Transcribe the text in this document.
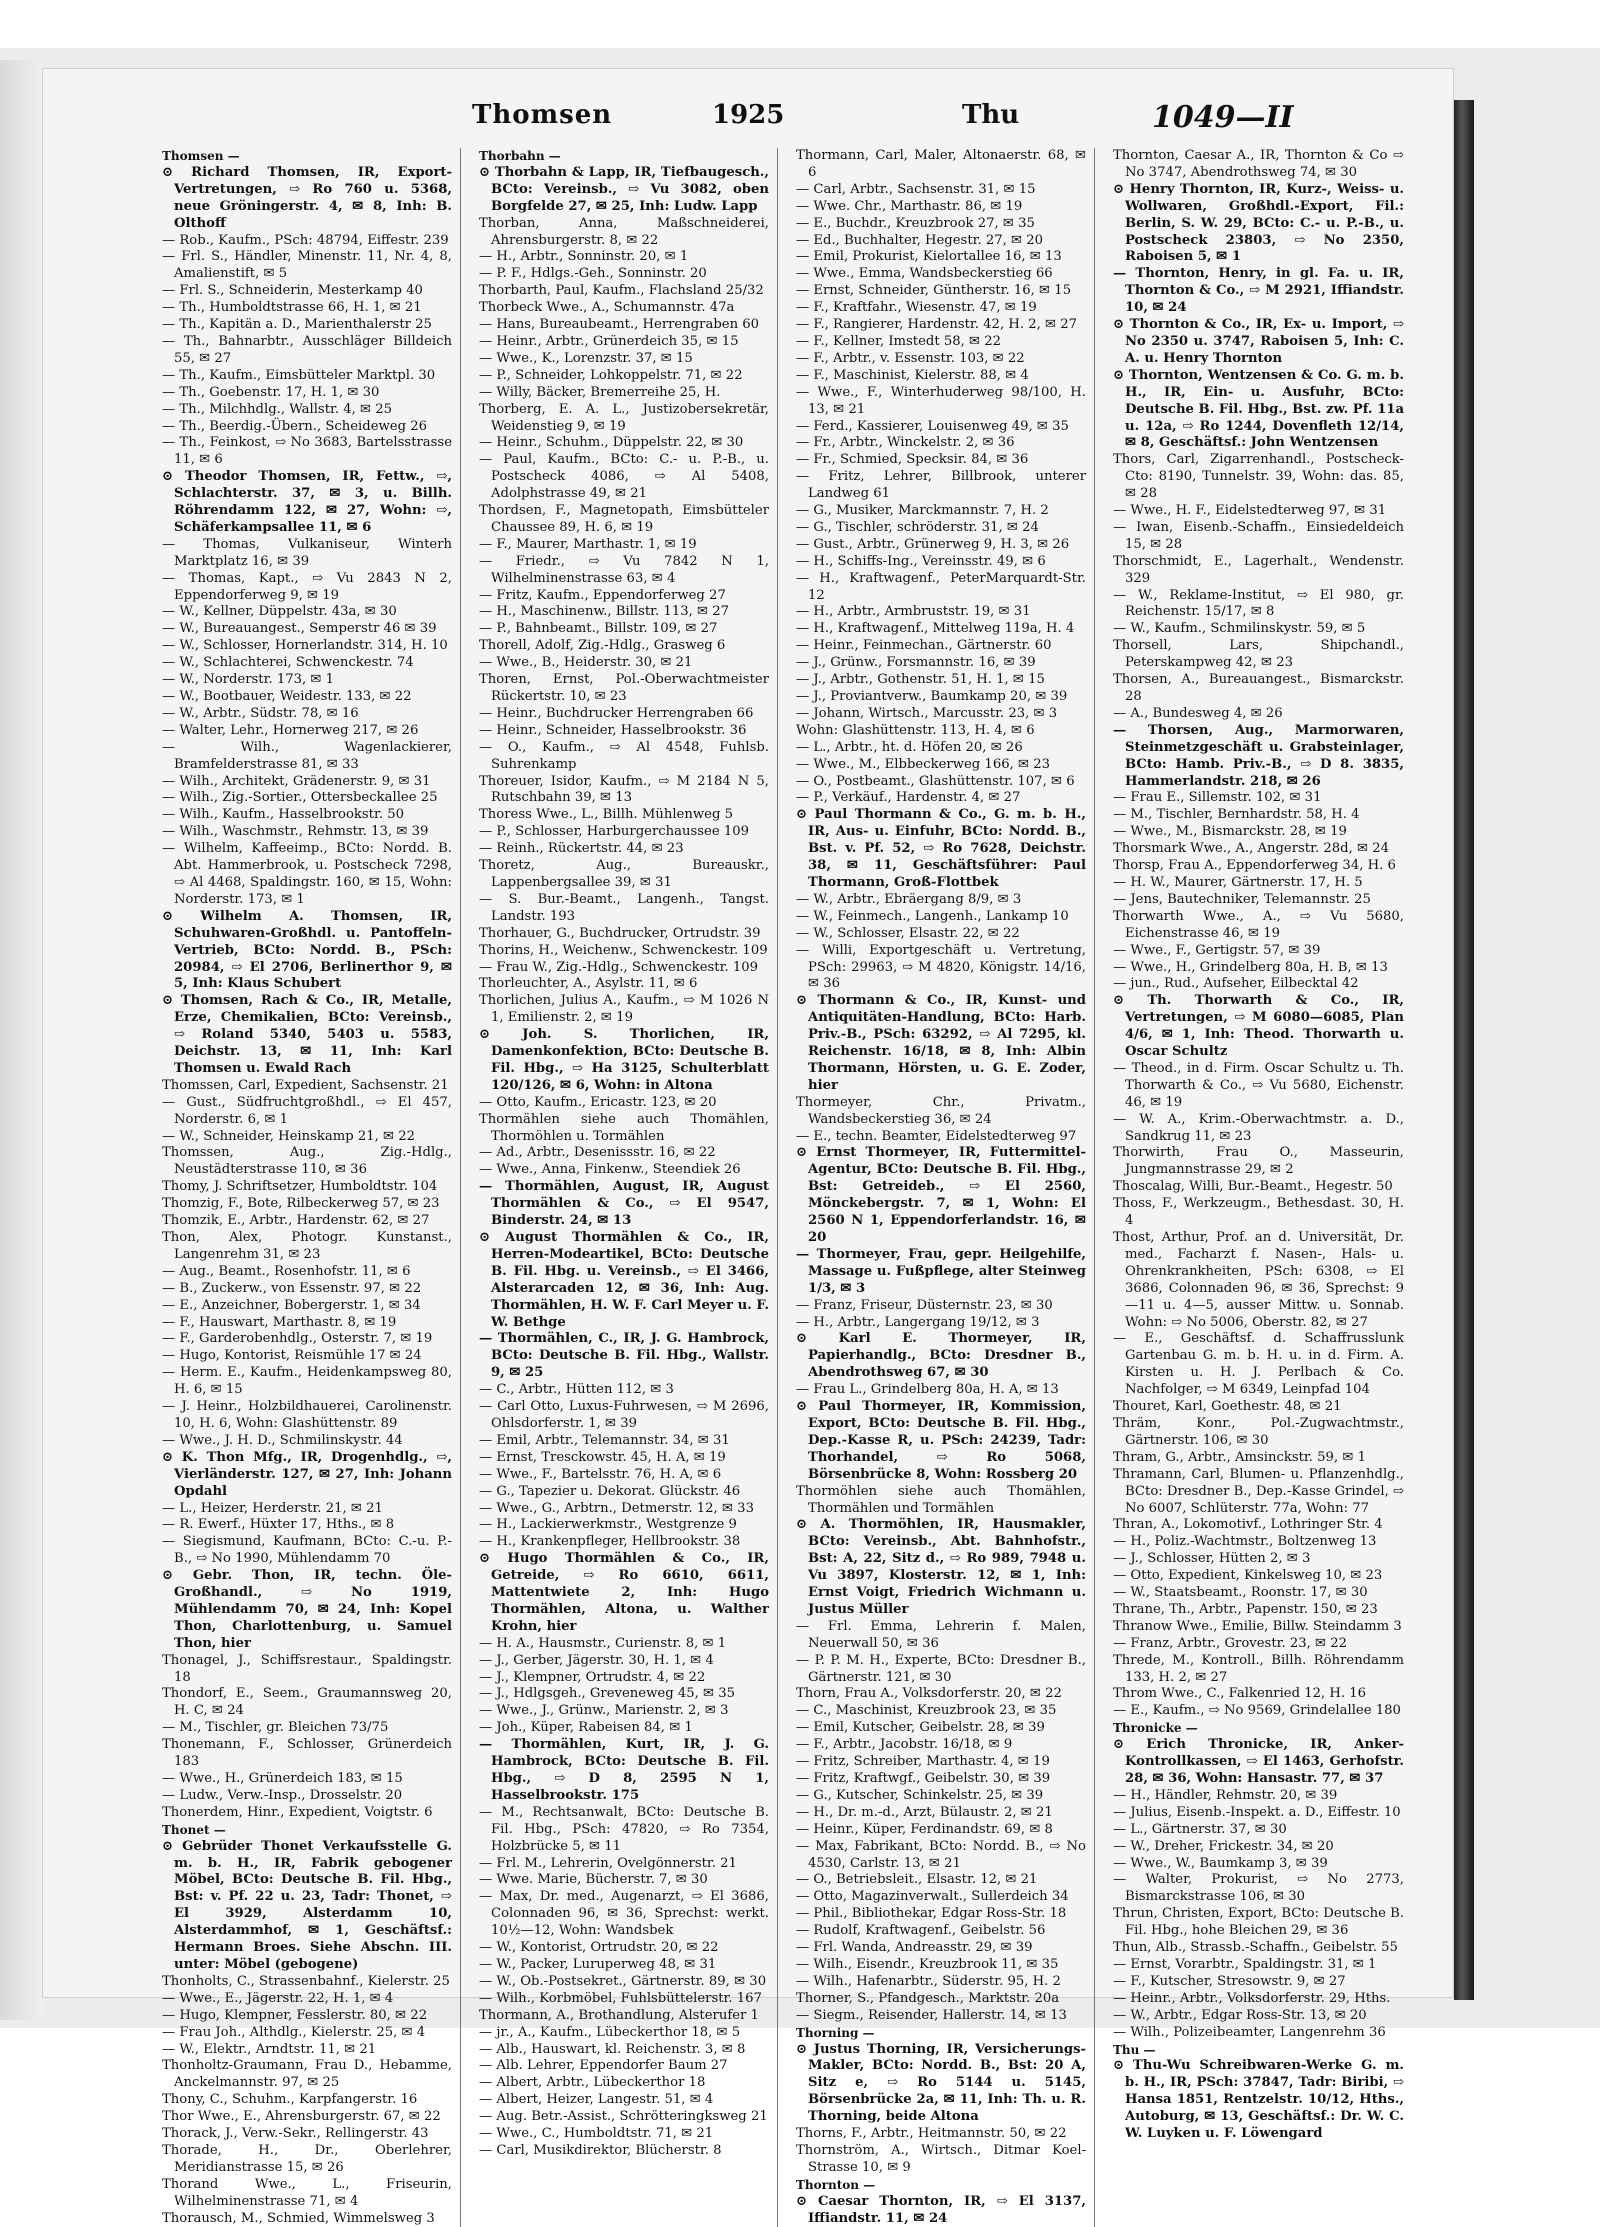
Thomsen	1925	Thu	1049—II

Thomsen —

⊙ Richard Thomsen, IR, Export-Vertretungen, ⇨ Ro 760 u. 5368, neue Gröningerstr. 4, ✉ 8, Inh: B. Olthoff

— Rob., Kaufm., PSch: 48794, Eiffestr. 239

— Frl. S., Händler, Minenstr. 11, Nr. 4, 8, Amalienstift, ✉ 5

— Frl. S., Schneiderin, Mesterkamp 40

— Th., Humboldtstrasse 66, H. 1, ✉ 21

— Th., Kapitän a. D., Marienthalerstr 25

— Th., Bahnarbtr., Ausschläger Billdeich 55, ✉ 27

— Th., Kaufm., Eimsbütteler Marktpl. 30

— Th., Goebenstr. 17, H. 1, ✉ 30

— Th., Milchhdlg., Wallstr. 4, ✉ 25

— Th., Beerdig.-Übern., Scheideweg 26

— Th., Feinkost, ⇨ No 3683, Bartelsstrasse 11, ✉ 6

⊙ Theodor Thomsen, IR, Fettw., ⇨, Schlachterstr. 37, ✉ 3, u. Billh. Röhrendamm 122, ✉ 27, Wohn: ⇨, Schäferkampsallee 11, ✉ 6

— Thomas, Vulkaniseur, Winterh Marktplatz 16, ✉ 39

— Thomas, Kapt., ⇨ Vu 2843 N 2, Eppendorferweg 9, ✉ 19

— W., Kellner, Düppelstr. 43a, ✉ 30

— W., Bureauangest., Semperstr 46 ✉ 39

— W., Schlosser, Hornerlandstr. 314, H. 10

— W., Schlachterei, Schwenckestr. 74

— W., Norderstr. 173, ✉ 1

— W., Bootbauer, Weidestr. 133, ✉ 22

— W., Arbtr., Südstr. 78, ✉ 16

— Walter, Lehr., Hornerweg 217, ✉ 26

— Wilh., Wagenlackierer, Bramfelderstrasse 81, ✉ 33

— Wilh., Architekt, Grädenerstr. 9, ✉ 31

— Wilh., Zig.-Sortier., Ottersbeckallee 25

— Wilh., Kaufm., Hasselbrookstr. 50

— Wilh., Waschmstr., Rehmstr. 13, ✉ 39

— Wilhelm, Kaffeeimp., BCto: Nordd. B. Abt. Hammerbrook, u. Postscheck 7298, ⇨ Al 4468, Spaldingstr. 160, ✉ 15, Wohn: Norderstr. 173, ✉ 1

⊙ Wilhelm A. Thomsen, IR, Schuhwaren-Großhdl. u. Pantoffeln-Vertrieb, BCto: Nordd. B., PSch: 20984, ⇨ El 2706, Berlinerthor 9, ✉ 5, Inh: Klaus Schubert

⊙ Thomsen, Rach & Co., IR, Metalle, Erze, Chemikalien, BCto: Vereinsb., ⇨ Roland 5340, 5403 u. 5583, Deichstr. 13, ✉ 11, Inh: Karl Thomsen u. Ewald Rach

Thomssen, Carl, Expedient, Sachsenstr. 21

— Gust., Südfruchtgroßhdl., ⇨ El 457, Norderstr. 6, ✉ 1

— W., Schneider, Heinskamp 21, ✉ 22

Thomssen, Aug., Zig.-Hdlg., Neustädterstrasse 110, ✉ 36

Thomy, J. Schriftsetzer, Humboldtstr. 104

Thomzig, F., Bote, Rilbeckerweg 57, ✉ 23

Thomzik, E., Arbtr., Hardenstr. 62, ✉ 27

Thon, Alex, Photogr. Kunstanst., Langenrehm 31, ✉ 23

— Aug., Beamt., Rosenhofstr. 11, ✉ 6

— B., Zuckerw., von Essenstr. 97, ✉ 22

— E., Anzeichner, Bobergerstr. 1, ✉ 34

— F., Hauswart, Marthastr. 8, ✉ 19

— F., Garderobenhdlg., Osterstr. 7, ✉ 19

— Hugo, Kontorist, Reismühle 17 ✉ 24

— Herm. E., Kaufm., Heidenkampsweg 80, H. 6, ✉ 15

— J. Heinr., Holzbildhauerei, Carolinenstr. 10, H. 6, Wohn: Glashüttenstr. 89

— Wwe., J. H. D., Schmilinskystr. 44

⊙ K. Thon Mfg., IR, Drogenhdlg., ⇨, Vierländerstr. 127, ✉ 27, Inh: Johann Opdahl

— L., Heizer, Herderstr. 21, ✉ 21

— R. Ewerf., Hüxter 17, Hths., ✉ 8

— Siegismund, Kaufmann, BCto: C.-u. P.-B., ⇨ No 1990, Mühlendamm 70

⊙ Gebr. Thon, IR, techn. Öle-Großhandl., ⇨ No 1919, Mühlendamm 70, ✉ 24, Inh: Kopel Thon, Charlottenburg, u. Samuel Thon, hier

Thonagel, J., Schiffsrestaur., Spaldingstr. 18

Thondorf, E., Seem., Graumannsweg 20, H. C, ✉ 24

— M., Tischler, gr. Bleichen 73/75

Thonemann, F., Schlosser, Grünerdeich 183

— Wwe., H., Grünerdeich 183, ✉ 15

— Ludw., Verw.-Insp., Drosselstr. 20

Thonerdem, Hinr., Expedient, Voigtstr. 6

Thonet —

⊙ Gebrüder Thonet Verkaufsstelle G. m. b. H., IR, Fabrik gebogener Möbel, BCto: Deutsche B. Fil. Hbg., Bst: v. Pf. 22 u. 23, Tadr: Thonet, ⇨ El 3929, Alsterdamm 10, Alsterdammhof, ✉ 1, Geschäftsf.: Hermann Broes. Siehe Abschn. III. unter: Möbel (gebogene)

Thonholts, C., Strassenbahnf., Kielerstr. 25

— Wwe., E., Jägerstr. 22, H. 1, ✉ 4

— Hugo, Klempner, Fesslerstr. 80, ✉ 22

— Frau Joh., Althdlg., Kielerstr. 25, ✉ 4

— W., Elektr., Arndtstr. 11, ✉ 21

Thonholtz-Graumann, Frau D., Hebamme, Anckelmannstr. 97, ✉ 25

Thony, C., Schuhm., Karpfangerstr. 16

Thor Wwe., E., Ahrensburgerstr. 67, ✉ 22

Thorack, J., Verw.-Sekr., Rellingerstr. 43

Thorade, H., Dr., Oberlehrer, Meridianstrasse 15, ✉ 26

Thorand Wwe., L., Friseurin, Wilhelminenstrasse 71, ✉ 4

Thorausch, M., Schmied, Wimmelsweg 3

Thorbahn —

⊙ Thorbahn & Lapp, IR, Tiefbaugesch., BCto: Vereinsb., ⇨ Vu 3082, oben Borgfelde 27, ✉ 25, Inh: Ludw. Lapp

Thorban, Anna, Maßschneiderei, Ahrensburgerstr. 8, ✉ 22

— H., Arbtr., Sonninstr. 20, ✉ 1

— P. F., Hdlgs.-Geh., Sonninstr. 20

Thorbarth, Paul, Kaufm., Flachsland 25/32

Thorbeck Wwe., A., Schumannstr. 47a

— Hans, Bureaubeamt., Herrengraben 60

— Heinr., Arbtr., Grünerdeich 35, ✉ 15

— Wwe., K., Lorenzstr. 37, ✉ 15

— P., Schneider, Lohkoppelstr. 71, ✉ 22

— Willy, Bäcker, Bremerreihe 25, H.

Thorberg, E. A. L., Justizobersekretär, Weidenstieg 9, ✉ 19

— Heinr., Schuhm., Düppelstr. 22, ✉ 30

— Paul, Kaufm., BCto: C.- u. P.-B., u. Postscheck 4086, ⇨ Al 5408, Adolphstrasse 49, ✉ 21

Thordsen, F., Magnetopath, Eimsbütteler Chaussee 89, H. 6, ✉ 19

— F., Maurer, Marthastr. 1, ✉ 19

— Friedr., ⇨ Vu 7842 N 1, Wilhelminenstrasse 63, ✉ 4

— Fritz, Kaufm., Eppendorferweg 27

— H., Maschinenw., Billstr. 113, ✉ 27

— P., Bahnbeamt., Billstr. 109, ✉ 27

Thorell, Adolf, Zig.-Hdlg., Grasweg 6

— Wwe., B., Heiderstr. 30, ✉ 21

Thoren, Ernst, Pol.-Oberwachtmeister Rückertstr. 10, ✉ 23

— Heinr., Buchdrucker Herrengraben 66

— Heinr., Schneider, Hasselbrookstr. 36

— O., Kaufm., ⇨ Al 4548, Fuhlsb. Suhrenkamp

Thoreuer, Isidor, Kaufm., ⇨ M 2184 N 5, Rutschbahn 39, ✉ 13

Thoress Wwe., L., Billh. Mühlenweg 5

— P., Schlosser, Harburgerchaussee 109

— Reinh., Rückertstr. 44, ✉ 23

Thoretz, Aug., Bureauskr., Lappenbergsallee 39, ✉ 31

— S. Bur.-Beamt., Langenh., Tangst. Landstr. 193

Thorhauer, G., Buchdrucker, Ortrudstr. 39

Thorins, H., Weichenw., Schwenckestr. 109

— Frau W., Zig.-Hdlg., Schwenckestr. 109

Thorleuchter, A., Asylstr. 11, ✉ 6

Thorlichen, Julius A., Kaufm., ⇨ M 1026 N 1, Emilienstr. 2, ✉ 19

⊙ Joh. S. Thorlichen, IR, Damenkonfektion, BCto: Deutsche B. Fil. Hbg., ⇨ Ha 3125, Schulterblatt 120/126, ✉ 6, Wohn: in Altona

— Otto, Kaufm., Ericastr. 123, ✉ 20

Thormählen siehe auch Thomählen, Thormöhlen u. Tormählen

— Ad., Arbtr., Desenissstr. 16, ✉ 22

— Wwe., Anna, Finkenw., Steendiek 26

— Thormählen, August, IR, August Thormählen & Co., ⇨ El 9547, Binderstr. 24, ✉ 13

⊙ August Thormählen & Co., IR, Herren-Modeartikel, BCto: Deutsche B. Fil. Hbg. u. Vereinsb., ⇨ El 3466, Alsterarcaden 12, ✉ 36, Inh: Aug. Thormählen, H. W. F. Carl Meyer u. F. W. Bethge

— Thormählen, C., IR, J. G. Hambrock, BCto: Deutsche B. Fil. Hbg., Wallstr. 9, ✉ 25

— C., Arbtr., Hütten 112, ✉ 3

— Carl Otto, Luxus-Fuhrwesen, ⇨ M 2696, Ohlsdorferstr. 1, ✉ 39

— Emil, Arbtr., Telemannstr. 34, ✉ 31

— Ernst, Tresckowstr. 45, H. A, ✉ 19

— Wwe., F., Bartelsstr. 76, H. A, ✉ 6

— G., Tapezier u. Dekorat. Glückstr. 46

— Wwe., G., Arbtrn., Detmerstr. 12, ✉ 33

— H., Lackierwerkmstr., Westgrenze 9

— H., Krankenpfleger, Hellbrookstr. 38

⊙ Hugo Thormählen & Co., IR, Getreide, ⇨ Ro 6610, 6611, Mattentwiete 2, Inh: Hugo Thormählen, Altona, u. Walther Krohn, hier

— H. A., Hausmstr., Curienstr. 8, ✉ 1

— J., Gerber, Jägerstr. 30, H. 1, ✉ 4

— J., Klempner, Ortrudstr. 4, ✉ 22

— J., Hdlgsgeh., Greveneweg 45, ✉ 35

— Wwe., J., Grünw., Marienstr. 2, ✉ 3

— Joh., Küper, Rabeisen 84, ✉ 1

— Thormählen, Kurt, IR, J. G. Hambrock, BCto: Deutsche B. Fil. Hbg., ⇨ D 8, 2595 N 1, Hasselbrookstr. 175

— M., Rechtsanwalt, BCto: Deutsche B. Fil. Hbg., PSch: 47820, ⇨ Ro 7354, Holzbrücke 5, ✉ 11

— Frl. M., Lehrerin, Ovelgönnerstr. 21

— Wwe. Marie, Bücherstr. 7, ✉ 30

— Max, Dr. med., Augenarzt, ⇨ El 3686, Colonnaden 96, ✉ 36, Sprechst: werkt. 10½—12, Wohn: Wandsbek

— W., Kontorist, Ortrudstr. 20, ✉ 22

— W., Packer, Luruperweg 48, ✉ 31

— W., Ob.-Postsekret., Gärtnerstr. 89, ✉ 30

— Wilh., Korbmöbel, Fuhlsbüttelerstr. 167

Thormann, A., Brothandlung, Alsterufer 1

— jr., A., Kaufm., Lübeckerthor 18, ✉ 5

— Alb., Hauswart, kl. Reichenstr. 3, ✉ 8

— Alb. Lehrer, Eppendorfer Baum 27

— Albert, Arbtr., Lübeckerthor 18

— Albert, Heizer, Langestr. 51, ✉ 4

— Aug. Betr.-Assist., Schrötteringksweg 21

— Wwe., C., Humboldtstr. 71, ✉ 21

— Carl, Musikdirektor, Blücherstr. 8

Thormann, Carl, Maler, Altonaerstr. 68, ✉ 6

— Carl, Arbtr., Sachsenstr. 31, ✉ 15

— Wwe. Chr., Marthastr. 86, ✉ 19

— E., Buchdr., Kreuzbrook 27, ✉ 35

— Ed., Buchhalter, Hegestr. 27, ✉ 20

— Emil, Prokurist, Kielortallee 16, ✉ 13

— Wwe., Emma, Wandsbeckerstieg 66

— Ernst, Schneider, Güntherstr. 16, ✉ 15

— F., Kraftfahr., Wiesenstr. 47, ✉ 19

— F., Rangierer, Hardenstr. 42, H. 2, ✉ 27

— F., Kellner, Imstedt 58, ✉ 22

— F., Arbtr., v. Essenstr. 103, ✉ 22

— F., Maschinist, Kielerstr. 88, ✉ 4

— Wwe., F., Winterhuderweg 98/100, H. 13, ✉ 21

— Ferd., Kassierer, Louisenweg 49, ✉ 35

— Fr., Arbtr., Winckelstr. 2, ✉ 36

— Fr., Schmied, Specksir. 84, ✉ 36

— Fritz, Lehrer, Billbrook, unterer Landweg 61

— G., Musiker, Marckmannstr. 7, H. 2

— G., Tischler, schröderstr. 31, ✉ 24

— Gust., Arbtr., Grünerweg 9, H. 3, ✉ 26

— H., Schiffs-Ing., Vereinsstr. 49, ✉ 6

— H., Kraftwagenf., PeterMarquardt-Str. 12

— H., Arbtr., Armbruststr. 19, ✉ 31

— H., Kraftwagenf., Mittelweg 119a, H. 4

— Heinr., Feinmechan., Gärtnerstr. 60

— J., Grünw., Forsmannstr. 16, ✉ 39

— J., Arbtr., Gothenstr. 51, H. 1, ✉ 15

— J., Proviantverw., Baumkamp 20, ✉ 39

— Johann, Wirtsch., Marcusstr. 23, ✉ 3

Wohn: Glashüttenstr. 113, H. 4, ✉ 6

— L., Arbtr., ht. d. Höfen 20, ✉ 26

— Wwe., M., Elbbeckerweg 166, ✉ 23

— O., Postbeamt., Glashüttenstr. 107, ✉ 6

— P., Verkäuf., Hardenstr. 4, ✉ 27

⊙ Paul Thormann & Co., G. m. b. H., IR, Aus- u. Einfuhr, BCto: Nordd. B., Bst. v. Pf. 52, ⇨ Ro 7628, Deichstr. 38, ✉ 11, Geschäftsführer: Paul Thormann, Groß-Flottbek

— W., Arbtr., Ebräergang 8/9, ✉ 3

— W., Feinmech., Langenh., Lankamp 10

— W., Schlosser, Elsastr. 22, ✉ 22

— Willi, Exportgeschäft u. Vertretung, PSch: 29963, ⇨ M 4820, Königstr. 14/16, ✉ 36

⊙ Thormann & Co., IR, Kunst- und Antiquitäten-Handlung, BCto: Harb. Priv.-B., PSch: 63292, ⇨ Al 7295, kl. Reichenstr. 16/18, ✉ 8, Inh: Albin Thormann, Hörsten, u. G. E. Zoder, hier

Thormeyer, Chr., Privatm., Wandsbeckerstieg 36, ✉ 24

— E., techn. Beamter, Eidelstedterweg 97

⊙ Ernst Thormeyer, IR, Futtermittel-Agentur, BCto: Deutsche B. Fil. Hbg., Bst: Getreideb., ⇨ El 2560, Mönckebergstr. 7, ✉ 1, Wohn: El 2560 N 1, Eppendorferlandstr. 16, ✉ 20

— Thormeyer, Frau, gepr. Heilgehilfe, Massage u. Fußpflege, alter Steinweg 1/3, ✉ 3

— Franz, Friseur, Düsternstr. 23, ✉ 30

— H., Arbtr., Langergang 19/12, ✉ 3

⊙ Karl E. Thormeyer, IR, Papierhandlg., BCto: Dresdner B., Abendrothsweg 67, ✉ 30

— Frau L., Grindelberg 80a, H. A, ✉ 13

⊙ Paul Thormeyer, IR, Kommission, Export, BCto: Deutsche B. Fil. Hbg., Dep.-Kasse R, u. PSch: 24239, Tadr: Thorhandel, ⇨ Ro 5068, Börsenbrücke 8, Wohn: Rossberg 20

Thormöhlen siehe auch Thomählen, Thormählen und Tormählen

⊙ A. Thormöhlen, IR, Hausmakler, BCto: Vereinsb., Abt. Bahnhofstr., Bst: A, 22, Sitz d., ⇨ Ro 989, 7948 u. Vu 3897, Klosterstr. 12, ✉ 1, Inh: Ernst Voigt, Friedrich Wichmann u. Justus Müller

— Frl. Emma, Lehrerin f. Malen, Neuerwall 50, ✉ 36

— P. P. M. H., Experte, BCto: Dresdner B., Gärtnerstr. 121, ✉ 30

Thorn, Frau A., Volksdorferstr. 20, ✉ 22

— C., Maschinist, Kreuzbrook 23, ✉ 35

— Emil, Kutscher, Geibelstr. 28, ✉ 39

— F., Arbtr., Jacobstr. 16/18, ✉ 9

— Fritz, Schreiber, Marthastr. 4, ✉ 19

— Fritz, Kraftwgf., Geibelstr. 30, ✉ 39

— G., Kutscher, Schinkelstr. 25, ✉ 39

— H., Dr. m.-d., Arzt, Bülaustr. 2, ✉ 21

— Heinr., Küper, Ferdinandstr. 69, ✉ 8

— Max, Fabrikant, BCto: Nordd. B., ⇨ No 4530, Carlstr. 13, ✉ 21

— O., Betriebsleit., Elsastr. 12, ✉ 21

— Otto, Magazinverwalt., Sullerdeich 34

— Phil., Bibliothekar, Edgar Ross-Str. 18

— Rudolf, Kraftwagenf., Geibelstr. 56

— Frl. Wanda, Andreasstr. 29, ✉ 39

— Wilh., Eisendr., Kreuzbrook 11, ✉ 35

— Wilh., Hafenarbtr., Süderstr. 95, H. 2

Thorner, S., Pfandgesch., Marktstr. 20a

— Siegm., Reisender, Hallerstr. 14, ✉ 13

Thorning —

⊙ Justus Thorning, IR, Versicherungs-Makler, BCto: Nordd. B., Bst: 20 A, Sitz e, ⇨ Ro 5144 u. 5145, Börsenbrücke 2a, ✉ 11, Inh: Th. u. R. Thorning, beide Altona

Thorns, F., Arbtr., Heitmannstr. 50, ✉ 22

Thornström, A., Wirtsch., Ditmar Koel-Strasse 10, ✉ 9

Thornton —

⊙ Caesar Thornton, IR, ⇨ El 3137, Iffiandstr. 11, ✉ 24

Thornton, Caesar A., IR, Thornton & Co ⇨ No 3747, Abendrothsweg 74, ✉ 30

⊙ Henry Thornton, IR, Kurz-, Weiss- u. Wollwaren, Großhdl.-Export, Fil.: Berlin, S. W. 29, BCto: C.- u. P.-B., u. Postscheck 23803, ⇨ No 2350, Raboisen 5, ✉ 1

— Thornton, Henry, in gl. Fa. u. IR, Thornton & Co., ⇨ M 2921, Iffiandstr. 10, ✉ 24

⊙ Thornton & Co., IR, Ex- u. Import, ⇨ No 2350 u. 3747, Raboisen 5, Inh: C. A. u. Henry Thornton

⊙ Thornton, Wentzensen & Co. G. m. b. H., IR, Ein- u. Ausfuhr, BCto: Deutsche B. Fil. Hbg., Bst. zw. Pf. 11a u. 12a, ⇨ Ro 1244, Dovenfleth 12/14, ✉ 8, Geschäftsf.: John Wentzensen

Thors, Carl, Zigarrenhandl., Postscheck-Cto: 8190, Tunnelstr. 39, Wohn: das. 85, ✉ 28

— Wwe., H. F., Eidelstedterweg 97, ✉ 31

— Iwan, Eisenb.-Schaffn., Einsiedeldeich 15, ✉ 28

Thorschmidt, E., Lagerhalt., Wendenstr. 329

— W., Reklame-Institut, ⇨ El 980, gr. Reichenstr. 15/17, ✉ 8

— W., Kaufm., Schmilinskystr. 59, ✉ 5

Thorsell, Lars, Shipchandl., Peterskampweg 42, ✉ 23

Thorsen, A., Bureauangest., Bismarckstr. 28

— A., Bundesweg 4, ✉ 26

— Thorsen, Aug., Marmorwaren, Steinmetzgeschäft u. Grabsteinlager, BCto: Hamb. Priv.-B., ⇨ D 8. 3835, Hammerlandstr. 218, ✉ 26

— Frau E., Sillemstr. 102, ✉ 31

— M., Tischler, Bernhardstr. 58, H. 4

— Wwe., M., Bismarckstr. 28, ✉ 19

Thorsmark Wwe., A., Angerstr. 28d, ✉ 24

Thorsp, Frau A., Eppendorferweg 34, H. 6

— H. W., Maurer, Gärtnerstr. 17, H. 5

— Jens, Bautechniker, Telemannstr. 25

Thorwarth Wwe., A., ⇨ Vu 5680, Eichenstrasse 46, ✉ 19

— Wwe., F., Gertigstr. 57, ✉ 39

— Wwe., H., Grindelberg 80a, H. B, ✉ 13

— jun., Rud., Aufseher, Eilbecktal 42

⊙ Th. Thorwarth & Co., IR, Vertretungen, ⇨ M 6080—6085, Plan 4/6, ✉ 1, Inh: Theod. Thorwarth u. Oscar Schultz

— Theod., in d. Firm. Oscar Schultz u. Th. Thorwarth & Co., ⇨ Vu 5680, Eichenstr. 46, ✉ 19

— W. A., Krim.-Oberwachtmstr. a. D., Sandkrug 11, ✉ 23

Thorwirth, Frau O., Masseurin, Jungmannstrasse 29, ✉ 2

Thoscalag, Willi, Bur.-Beamt., Hegestr. 50

Thoss, F., Werkzeugm., Bethesdast. 30, H. 4

Thost, Arthur, Prof. an d. Universität, Dr. med., Facharzt f. Nasen-, Hals- u. Ohrenkrankheiten, PSch: 6308, ⇨ El 3686, Colonnaden 96, ✉ 36, Sprechst: 9—11 u. 4—5, ausser Mittw. u. Sonnab. Wohn: ⇨ No 5006, Oberstr. 82, ✉ 27

— E., Geschäftsf. d. Schaffrusslunk Gartenbau G. m. b. H. u. in d. Firm. A. Kirsten u. H. J. Perlbach & Co. Nachfolger, ⇨ M 6349, Leinpfad 104

Thouret, Karl, Goethestr. 48, ✉ 21

Thräm, Konr., Pol.-Zugwachtmstr., Gärtnerstr. 106, ✉ 30

Thram, G., Arbtr., Amsinckstr. 59, ✉ 1

Thramann, Carl, Blumen- u. Pflanzenhdlg., BCto: Dresdner B., Dep.-Kasse Grindel, ⇨ No 6007, Schlüterstr. 77a, Wohn: 77

Thran, A., Lokomotivf., Lothringer Str. 4

— H., Poliz.-Wachtmstr., Boltzenweg 13

— J., Schlosser, Hütten 2, ✉ 3

— Otto, Expedient, Kinkelsweg 10, ✉ 23

— W., Staatsbeamt., Roonstr. 17, ✉ 30

Thrane, Th., Arbtr., Papenstr. 150, ✉ 23

Thranow Wwe., Emilie, Billw. Steindamm 3

— Franz, Arbtr., Grovestr. 23, ✉ 22

Threde, M., Kontroll., Billh. Röhrendamm 133, H. 2, ✉ 27

Throm Wwe., C., Falkenried 12, H. 16

— E., Kaufm., ⇨ No 9569, Grindelallee 180

Thronicke —

⊙ Erich Thronicke, IR, Anker-Kontrollkassen, ⇨ El 1463, Gerhofstr. 28, ✉ 36, Wohn: Hansastr. 77, ✉ 37

— H., Händler, Rehmstr. 20, ✉ 39

— Julius, Eisenb.-Inspekt. a. D., Eiffestr. 10

— L., Gärtnerstr. 37, ✉ 30

— W., Dreher, Frickestr. 34, ✉ 20

— Wwe., W., Baumkamp 3, ✉ 39

— Walter, Prokurist, ⇨ No 2773, Bismarckstrasse 106, ✉ 30

Thrun, Christen, Export, BCto: Deutsche B. Fil. Hbg., hohe Bleichen 29, ✉ 36

Thun, Alb., Strassb.-Schaffn., Geibelstr. 55

— Ernst, Vorarbtr., Spaldingstr. 31, ✉ 1

— F., Kutscher, Stresowstr. 9, ✉ 27

— Heinr., Arbtr., Volksdorferstr. 29, Hths.

— W., Arbtr., Edgar Ross-Str. 13, ✉ 20

— Wilh., Polizeibeamter, Langenrehm 36

Thu —

⊙ Thu-Wu Schreibwaren-Werke G. m. b. H., IR, PSch: 37847, Tadr: Biribi, ⇨ Hansa 1851, Rentzelstr. 10/12, Hths., Autoburg, ✉ 13, Geschäftsf.: Dr. W. C. W. Luyken u. F. Löwengard
